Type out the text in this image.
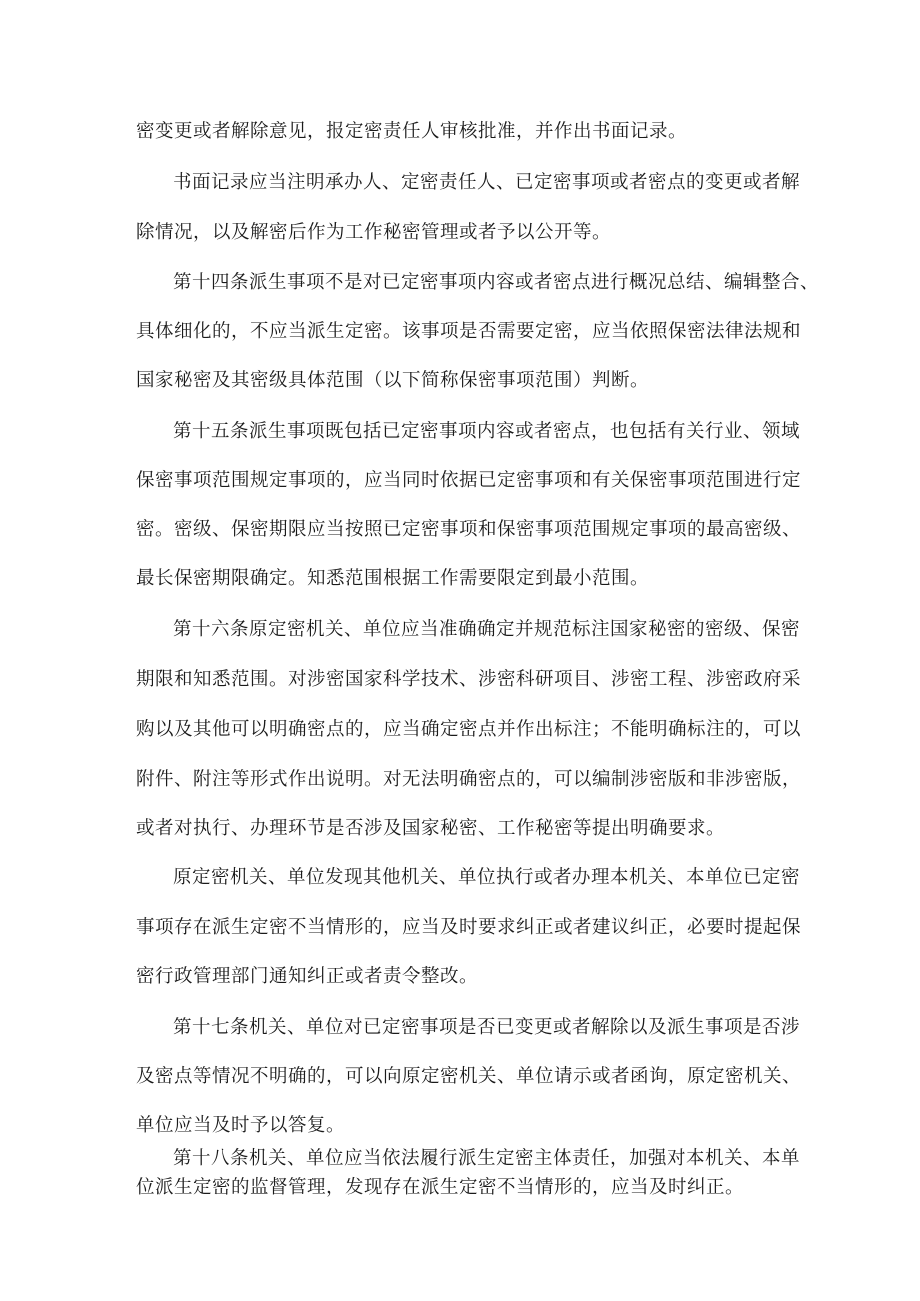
密变更或者解除意见，报定密责任人审核批准，并作出书面记录。
书面记录应当注明承办人、定密责任人、已定密事项或者密点的变更或者解
除情况，以及解密后作为工作秘密管理或者予以公开等。
第十四条派生事项不是对已定密事项内容或者密点进行概况总结、编辑整合、
具体细化的，不应当派生定密。该事项是否需要定密，应当依照保密法律法规和
国家秘密及其密级具体范围（以下简称保密事项范围）判断。
第十五条派生事项既包括已定密事项内容或者密点，也包括有关行业、领域
保密事项范围规定事项的，应当同时依据已定密事项和有关保密事项范围进行定
密。密级、保密期限应当按照已定密事项和保密事项范围规定事项的最高密级、
最长保密期限确定。知悉范围根据工作需要限定到最小范围。
第十六条原定密机关、单位应当准确确定并规范标注国家秘密的密级、保密
期限和知悉范围。对涉密国家科学技术、涉密科研项目、涉密工程、涉密政府采
购以及其他可以明确密点的，应当确定密点并作出标注；不能明确标注的，可以
附件、附注等形式作出说明。对无法明确密点的，可以编制涉密版和非涉密版，
或者对执行、办理环节是否涉及国家秘密、工作秘密等提出明确要求。
原定密机关、单位发现其他机关、单位执行或者办理本机关、本单位已定密
事项存在派生定密不当情形的，应当及时要求纠正或者建议纠正，必要时提起保
密行政管理部门通知纠正或者责令整改。
第十七条机关、单位对已定密事项是否已变更或者解除以及派生事项是否涉
及密点等情况不明确的，可以向原定密机关、单位请示或者函询，原定密机关、
单位应当及时予以答复。
第十八条机关、单位应当依法履行派生定密主体责任，加强对本机关、本单
位派生定密的监督管理，发现存在派生定密不当情形的，应当及时纠正。
